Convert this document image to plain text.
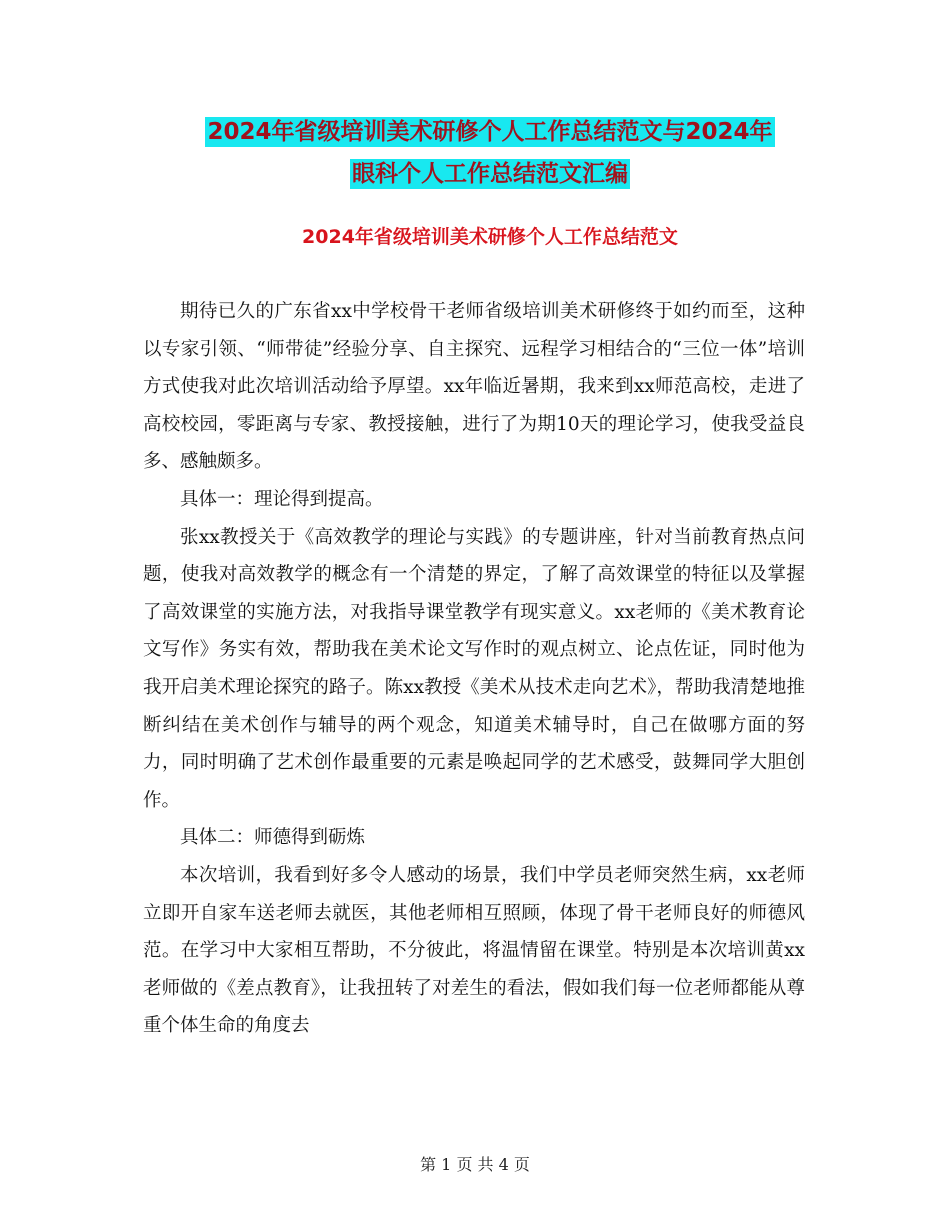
2024年省级培训美术研修个人工作总结范文与2024年
眼科个人工作总结范文汇编
2024年省级培训美术研修个人工作总结范文

期待已久的广东省xx中学校骨干老师省级培训美术研修终于如约而至，这种以专家引领、“师带徒”经验分享、自主探究、远程学习相结合的“三位一体”培训方式使我对此次培训活动给予厚望。xx年临近暑期，我来到xx师范高校，走进了高校校园，零距离与专家、教授接触，进行了为期10天的理论学习，使我受益良多、感触颇多。

具体一：理论得到提高。

张xx教授关于《高效教学的理论与实践》的专题讲座，针对当前教育热点问题，使我对高效教学的概念有一个清楚的界定，了解了高效课堂的特征以及掌握了高效课堂的实施方法，对我指导课堂教学有现实意义。xx老师的《美术教育论文写作》务实有效，帮助我在美术论文写作时的观点树立、论点佐证，同时他为我开启美术理论探究的路子。陈xx教授《美术从技术走向艺术》，帮助我清楚地推断纠结在美术创作与辅导的两个观念，知道美术辅导时，自己在做哪方面的努力，同时明确了艺术创作最重要的元素是唤起同学的艺术感受，鼓舞同学大胆创作。

具体二：师德得到砺炼

本次培训，我看到好多令人感动的场景，我们中学员老师突然生病，xx老师立即开自家车送老师去就医，其他老师相互照顾，体现了骨干老师良好的师德风范。在学习中大家相互帮助，不分彼此，将温情留在课堂。特别是本次培训黄xx老师做的《差点教育》，让我扭转了对差生的看法，假如我们每一位老师都能从尊重个体生命的角度去

第 1 页 共 4 页
